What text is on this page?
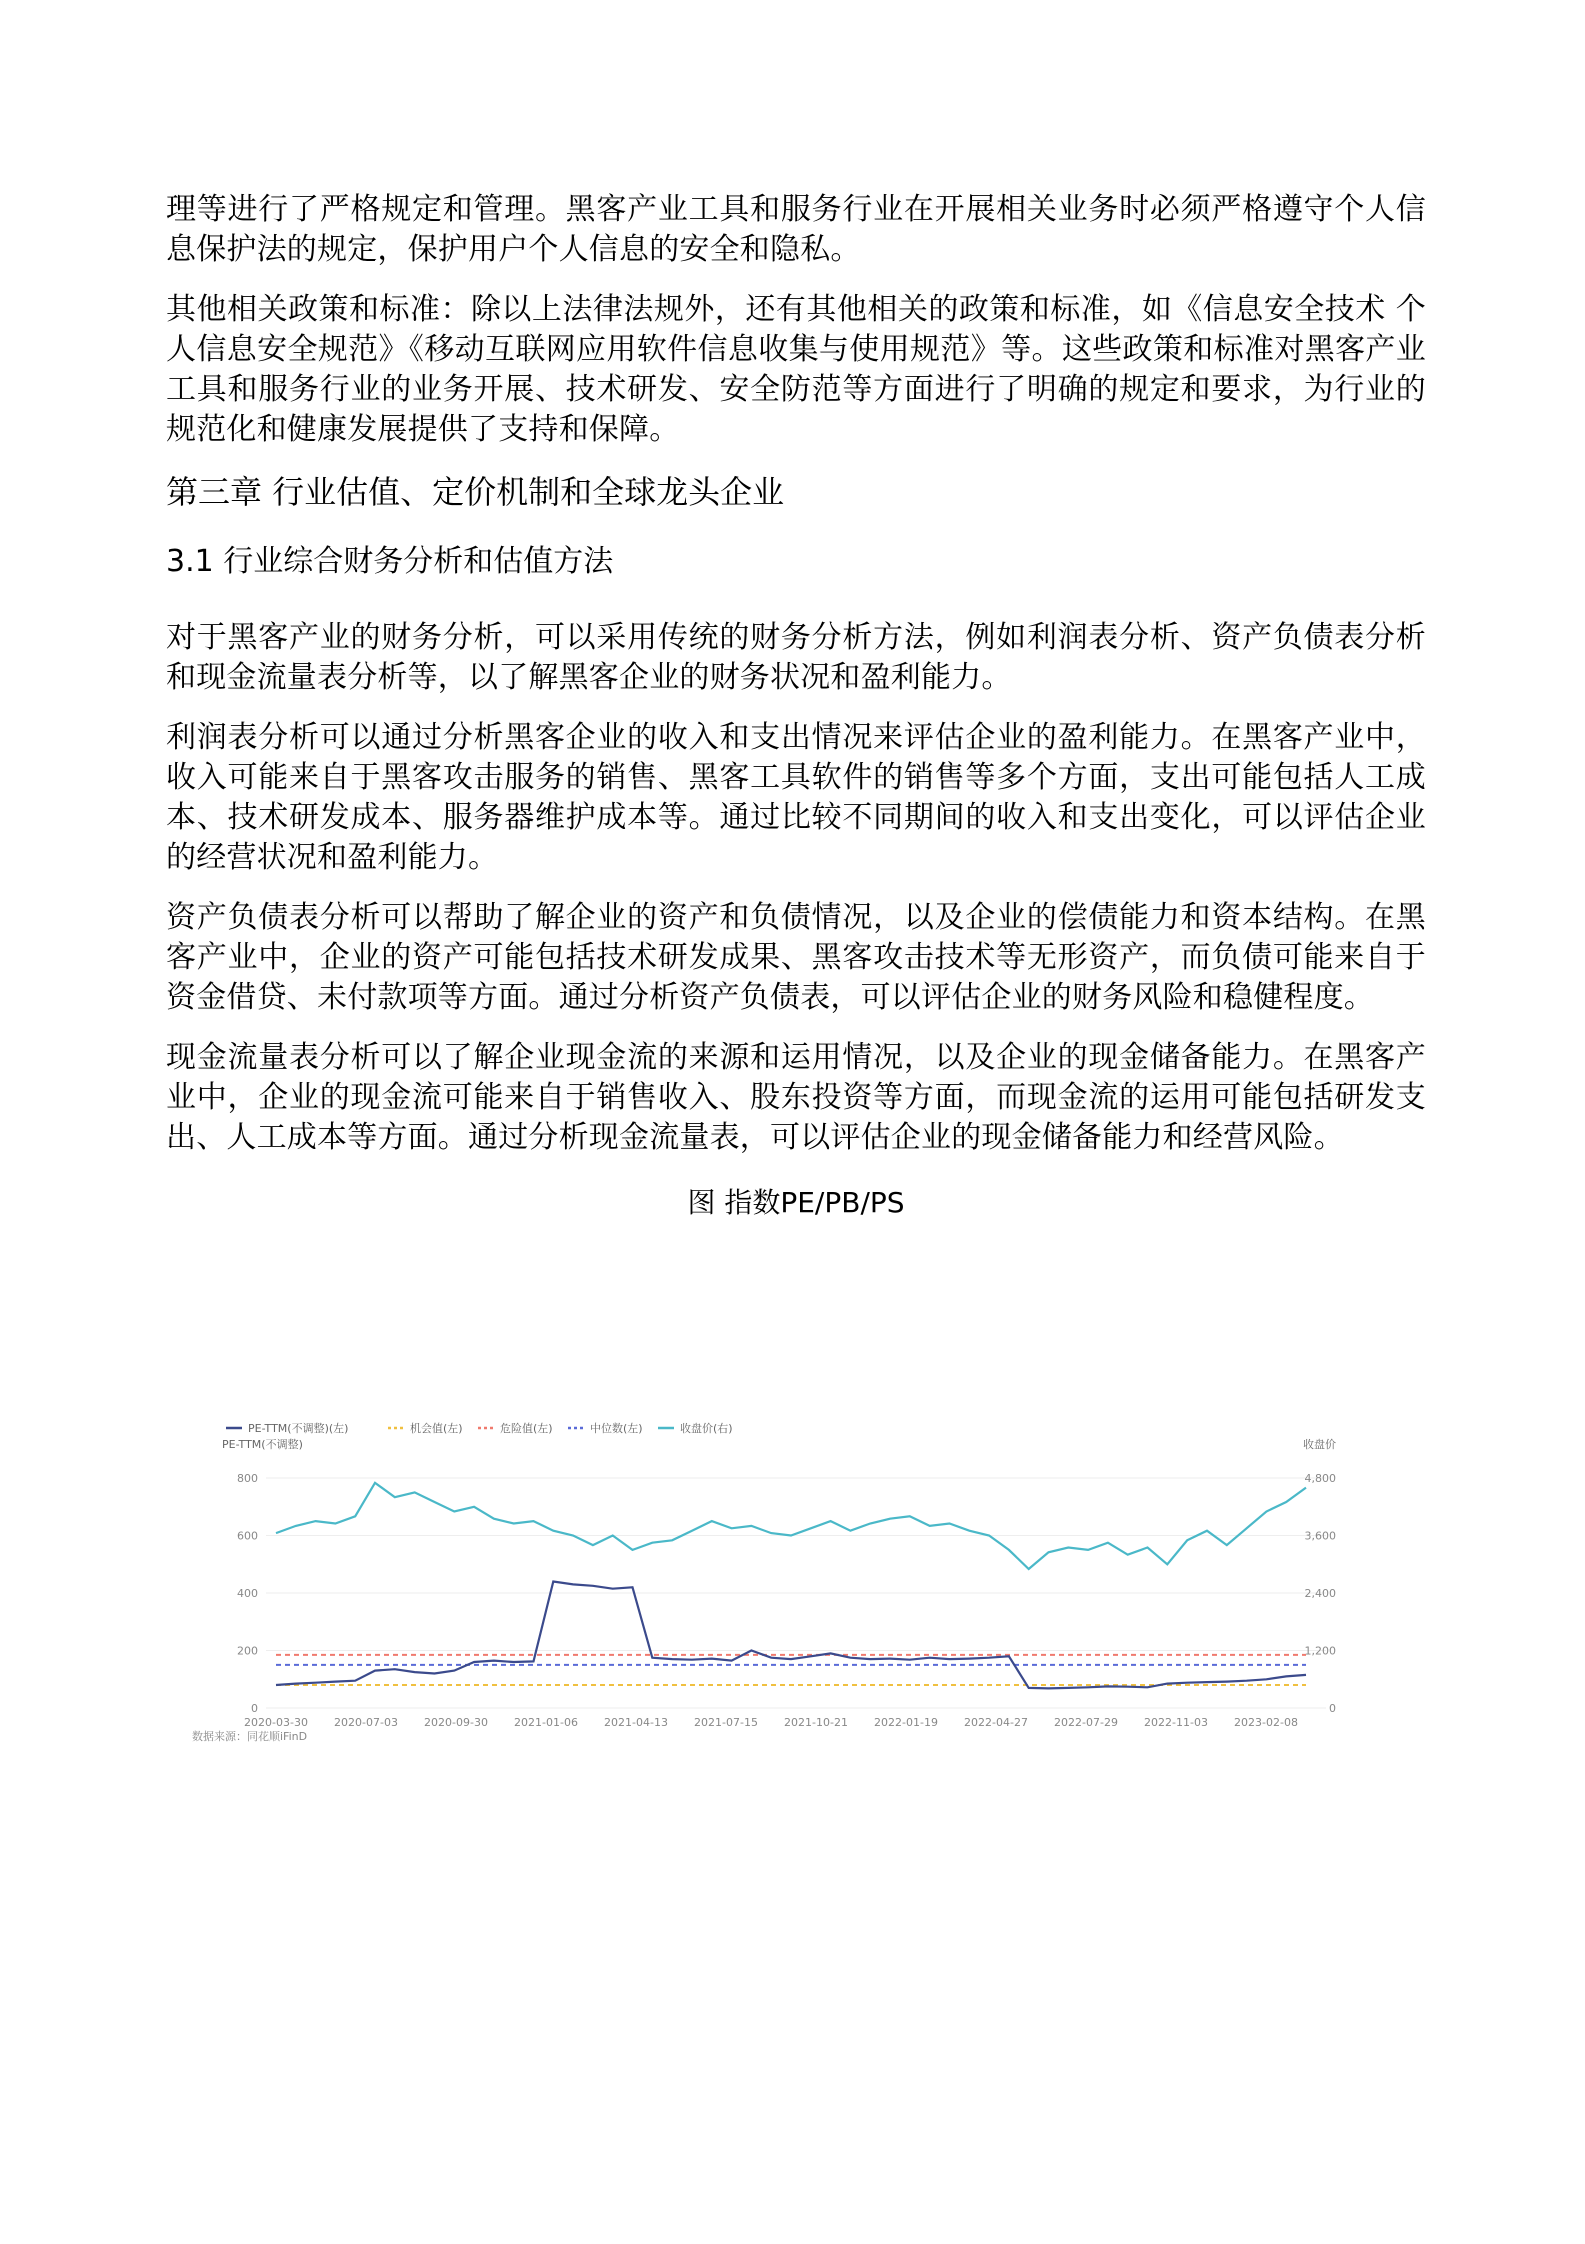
理等进行了严格规定和管理。黑客产业工具和服务行业在开展相关业务时必须严格遵守个人信息保护法的规定，保护用户个人信息的安全和隐私。

其他相关政策和标准：除以上法律法规外，还有其他相关的政策和标准，如《信息安全技术 个人信息安全规范》《移动互联网应用软件信息收集与使用规范》等。这些政策和标准对黑客产业工具和服务行业的业务开展、技术研发、安全防范等方面进行了明确的规定和要求，为行业的规范化和健康发展提供了支持和保障。

第三章 行业估值、定价机制和全球龙头企业
3.1 行业综合财务分析和估值方法

对于黑客产业的财务分析，可以采用传统的财务分析方法，例如利润表分析、资产负债表分析和现金流量表分析等，以了解黑客企业的财务状况和盈利能力。

利润表分析可以通过分析黑客企业的收入和支出情况来评估企业的盈利能力。在黑客产业中，收入可能来自于黑客攻击服务的销售、黑客工具软件的销售等多个方面，支出可能包括人工成本、技术研发成本、服务器维护成本等。通过比较不同期间的收入和支出变化，可以评估企业的经营状况和盈利能力。

资产负债表分析可以帮助了解企业的资产和负债情况，以及企业的偿债能力和资本结构。在黑客产业中，企业的资产可能包括技术研发成果、黑客攻击技术等无形资产，而负债可能来自于资金借贷、未付款项等方面。通过分析资产负债表，可以评估企业的财务风险和稳健程度。

现金流量表分析可以了解企业现金流的来源和运用情况，以及企业的现金储备能力。在黑客产业中，企业的现金流可能来自于销售收入、股东投资等方面，而现金流的运用可能包括研发支出、人工成本等方面。通过分析现金流量表，可以评估企业的现金储备能力和经营风险。

图 指数PE/PB/PS
PE-TTM(不调整)(左)	机会值(左)	危险值(左)	中位数(左)	收盘价(右)
PE-TTM(不调整)	收盘价
800
600
400
200
0
4,800
3,600
2,400
1,200
0
2020-03-30 2020-07-03 2020-09-30 2021-01-06 2021-04-13 2021-07-15 2021-10-21 2022-01-19 2022-04-27 2022-07-29 2022-11-03 2023-02-08
数据来源：同花顺iFinD
